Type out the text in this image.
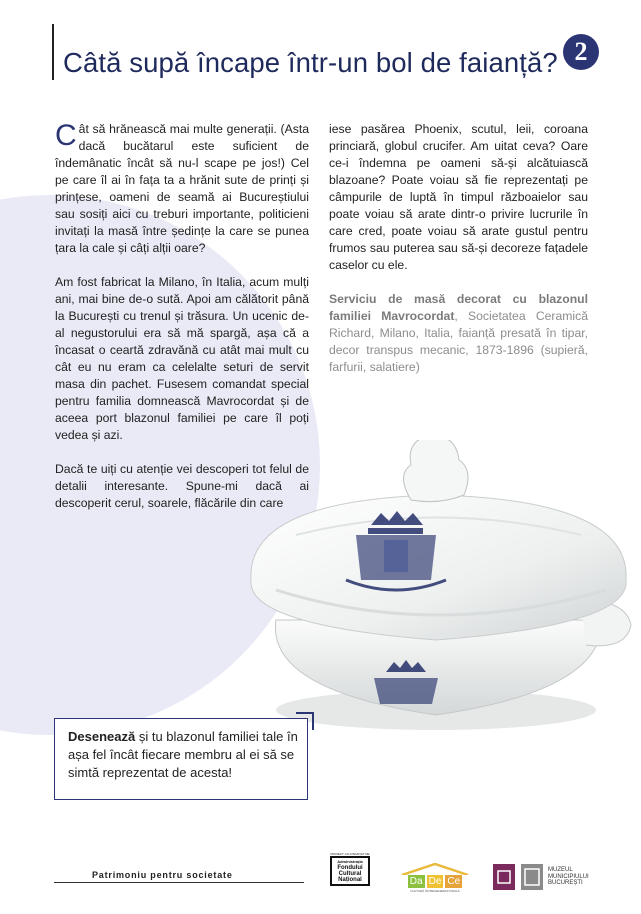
Câtă supă încape într-un bol de faianță? 2

Cât să hrănească mai multe generații. (Asta dacă bucătarul este suficient de îndemânatic încât să nu-l scape pe jos!) Cel pe care îl ai în fața ta a hrănit sute de prinți și prințese, oameni de seamă ai Bucureștiului sau sosiți aici cu treburi importante, politicieni invitați la masă între ședințe la care se punea țara la cale și câți alții oare?

Am fost fabricat la Milano, în Italia, acum mulți ani, mai bine de-o sută. Apoi am călătorit până la București cu trenul și trăsura. Un ucenic de-al negustorului era să mă spargă, așa că a încasat o ceartă zdravănă cu atât mai mult cu cât eu nu eram ca celelalte seturi de servit masa din pachet. Fusesem comandat special pentru familia domnească Mavrocordat și de aceea port blazonul familiei pe care îl poți vedea și azi.

Dacă te uiți cu atenție vei descoperi tot felul de detalii interesante. Spune-mi dacă ai descoperit cerul, soarele, flăcările din care

iese pasărea Phoenix, scutul, leii, coroana princiară, globul crucifer. Am uitat ceva? Oare ce-i îndemna pe oameni să-și alcătuiască blazoane? Poate voiau să fie reprezentați pe câmpurile de luptă în timpul războaielor sau poate voiau să arate dintr-o privire lucrurile în care cred, poate voiau să arate gustul pentru frumos sau puterea sau să-și decoreze fațadele caselor cu ele.

Serviciu de masă decorat cu blazonul familiei Mavrocordat, Societatea Ceramică Richard, Milano, Italia, faianță presată în tipar, decor transpus mecanic, 1873-1896 (supieră, farfurii, salatiere)

Desenează și tu blazonul familiei tale în așa fel încât fiecare membru al ei să se simtă reprezentat de acesta!
Patrimoniu pentru societate
PROIECT CO-FINANȚAT DE
Administrația
Fondului
Cultural
Național	Da De Ce
CULTURĂ ÎNTREGENERAȚIONALĂ
MUZEUL
MUNICIPIULUI
BUCUREȘTI
